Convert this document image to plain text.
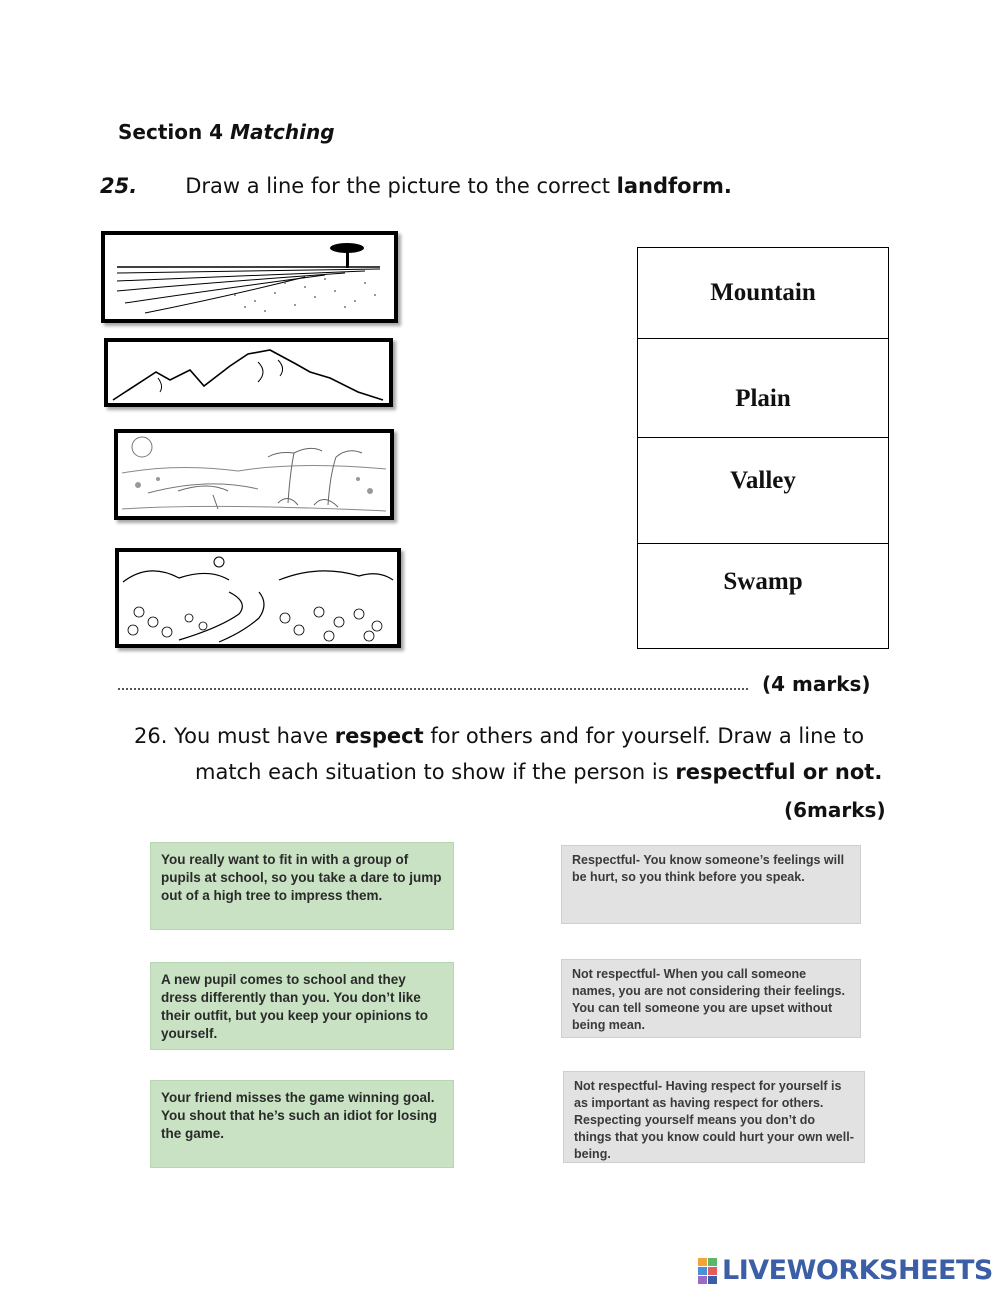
Section 4 Matching
25. Draw a line for the picture to the correct landform.
Mountain
Plain
Valley
Swamp
(4 marks)
26. You must have respect for others and for yourself. Draw a line to
match each situation to show if the person is respectful or not.
(6marks)
You really want to fit in with a group of pupils at school, so you take a dare to jump out of a high tree to impress them.
A new pupil comes to school and they dress differently than you. You don’t like their outfit, but you keep your opinions to yourself.
Your friend misses the game winning goal. You shout that he’s such an idiot for losing the game.
Respectful- You know someone’s feelings will be hurt, so you think before you speak.
Not respectful- When you call someone names, you are not considering their feelings. You can tell someone you are upset without being mean.
Not respectful- Having respect for yourself is as important as having respect for others. Respecting yourself means you don’t do things that you know could hurt your own well-being.
LIVEWORKSHEETS
